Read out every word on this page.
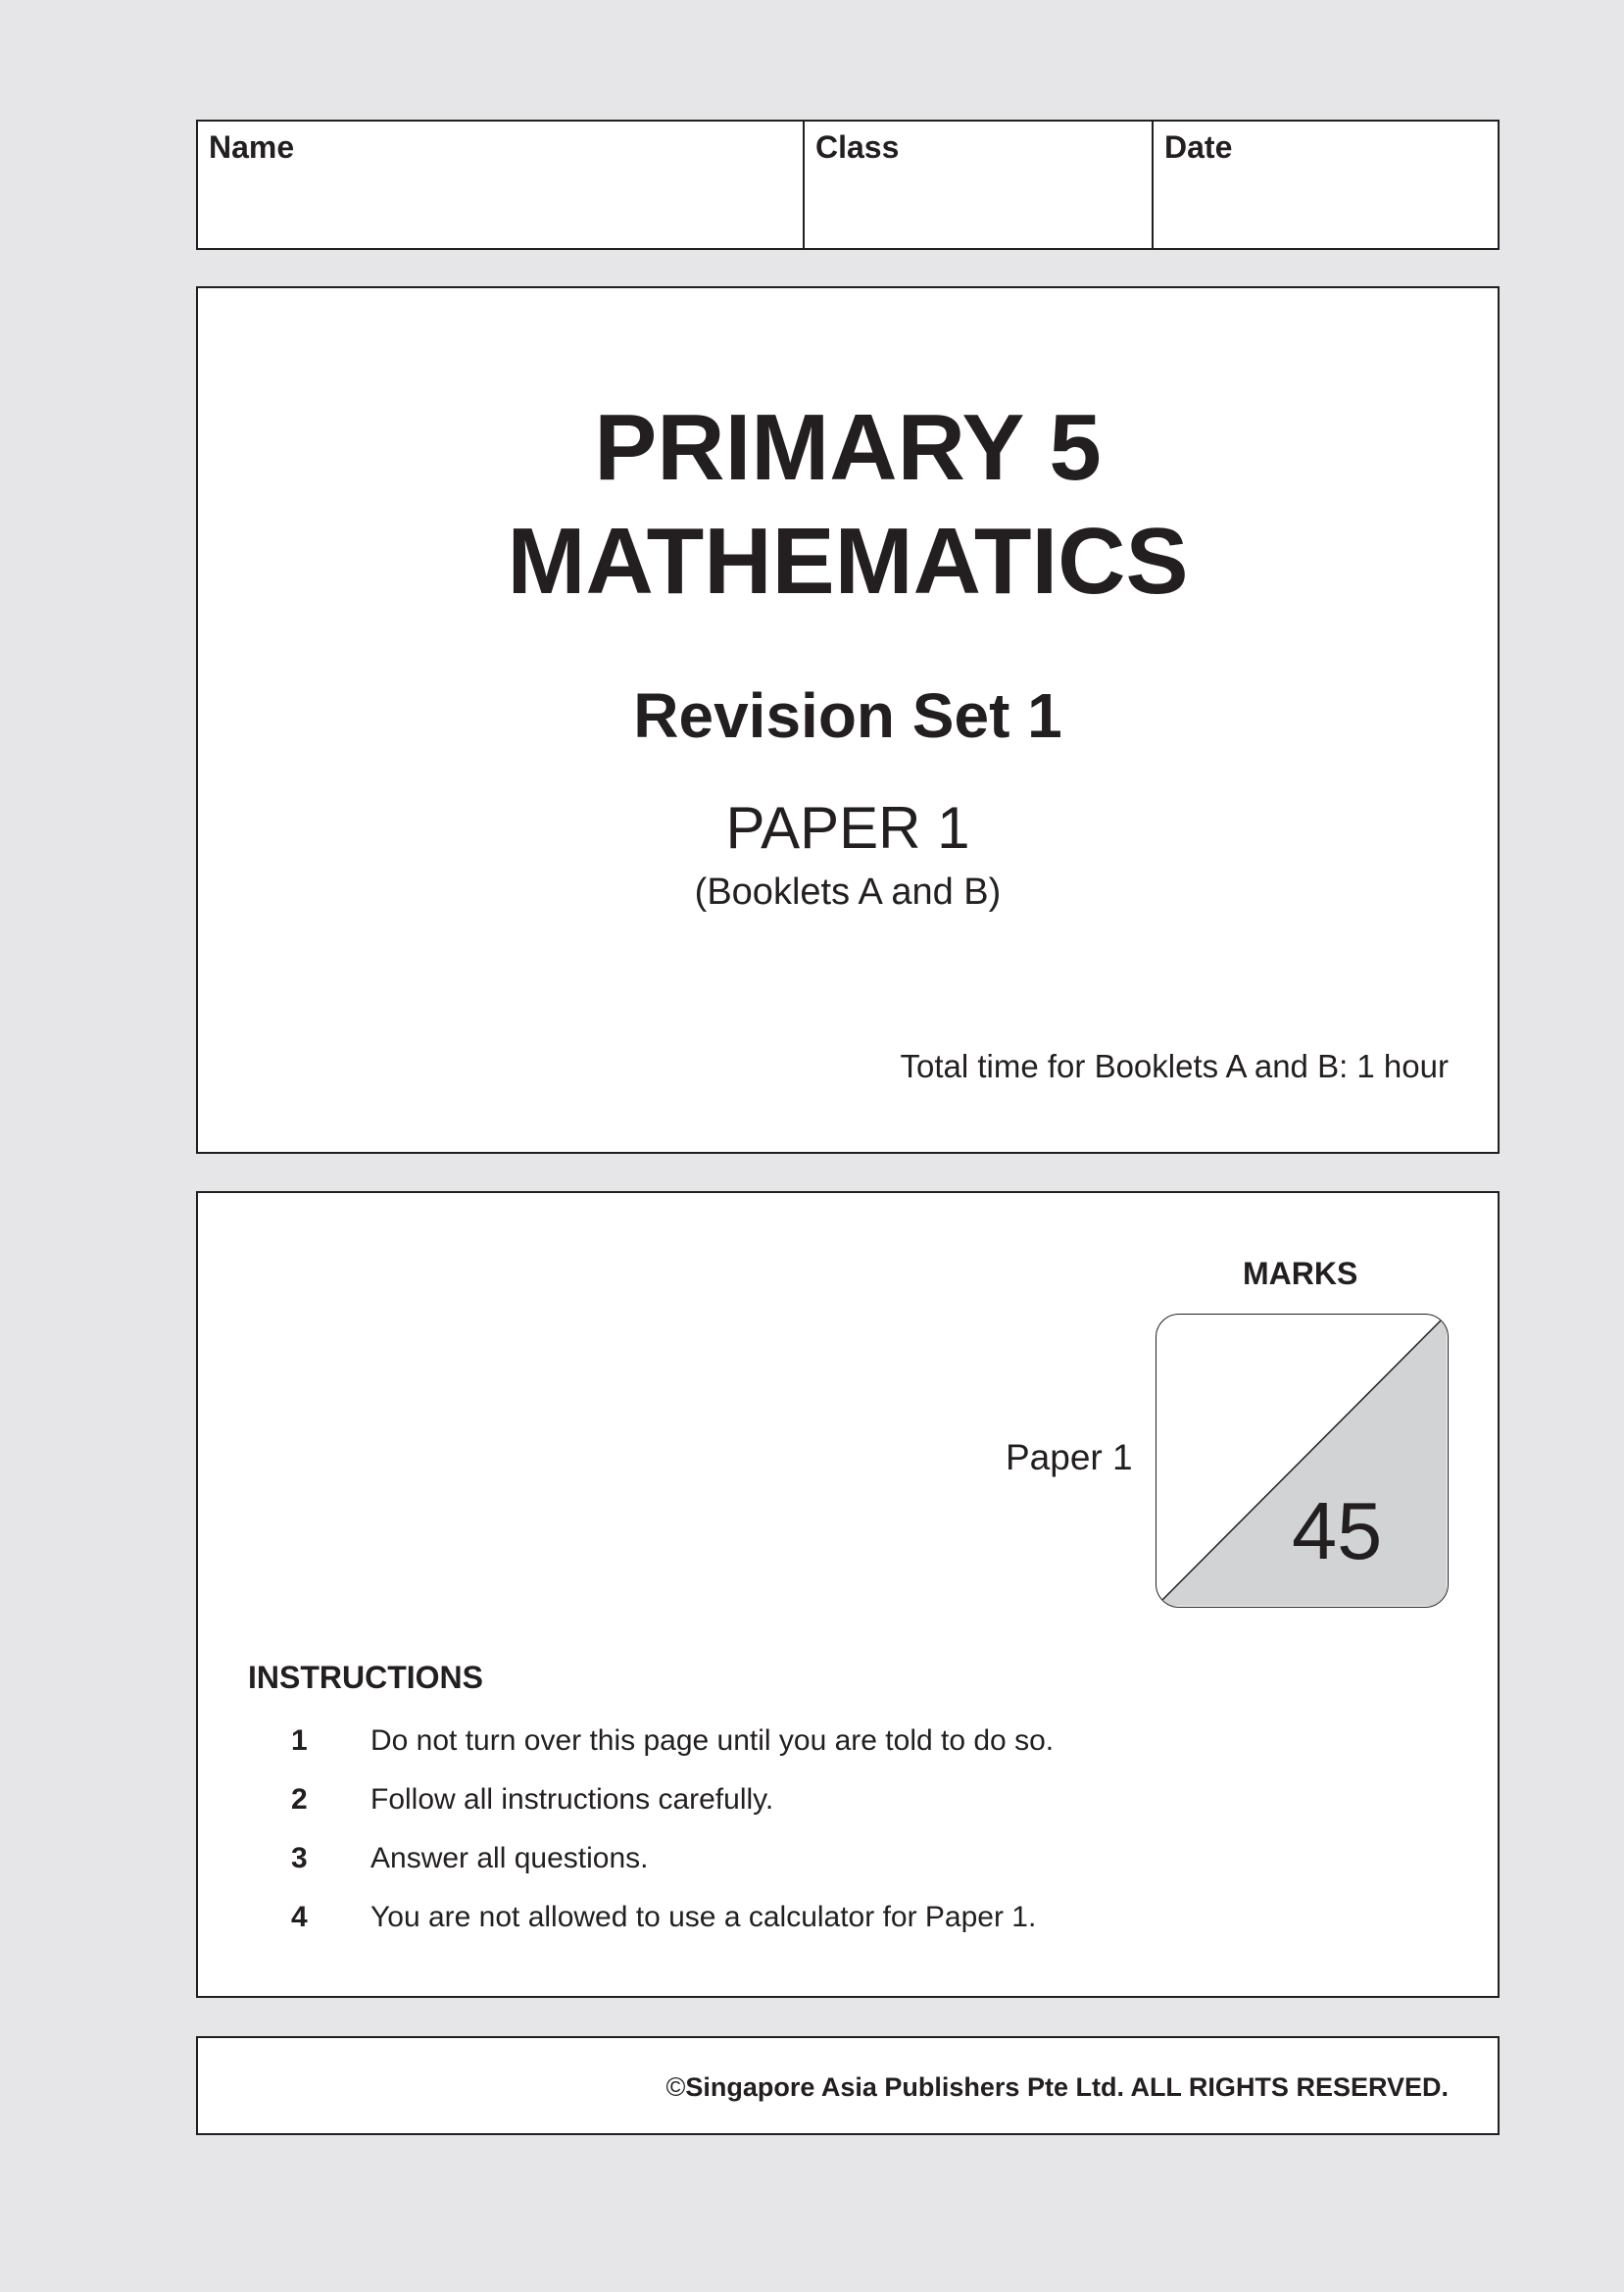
Name	Class	Date
PRIMARY 5
MATHEMATICS
Revision Set 1
PAPER 1
(Booklets A and B)
Total time for Booklets A and B: 1 hour
MARKS
Paper 1
45
INSTRUCTIONS
1 Do not turn over this page until you are told to do so.
2 Follow all instructions carefully.
3 Answer all questions.
4 You are not allowed to use a calculator for Paper 1.
©Singapore Asia Publishers Pte Ltd. ALL RIGHTS RESERVED.
